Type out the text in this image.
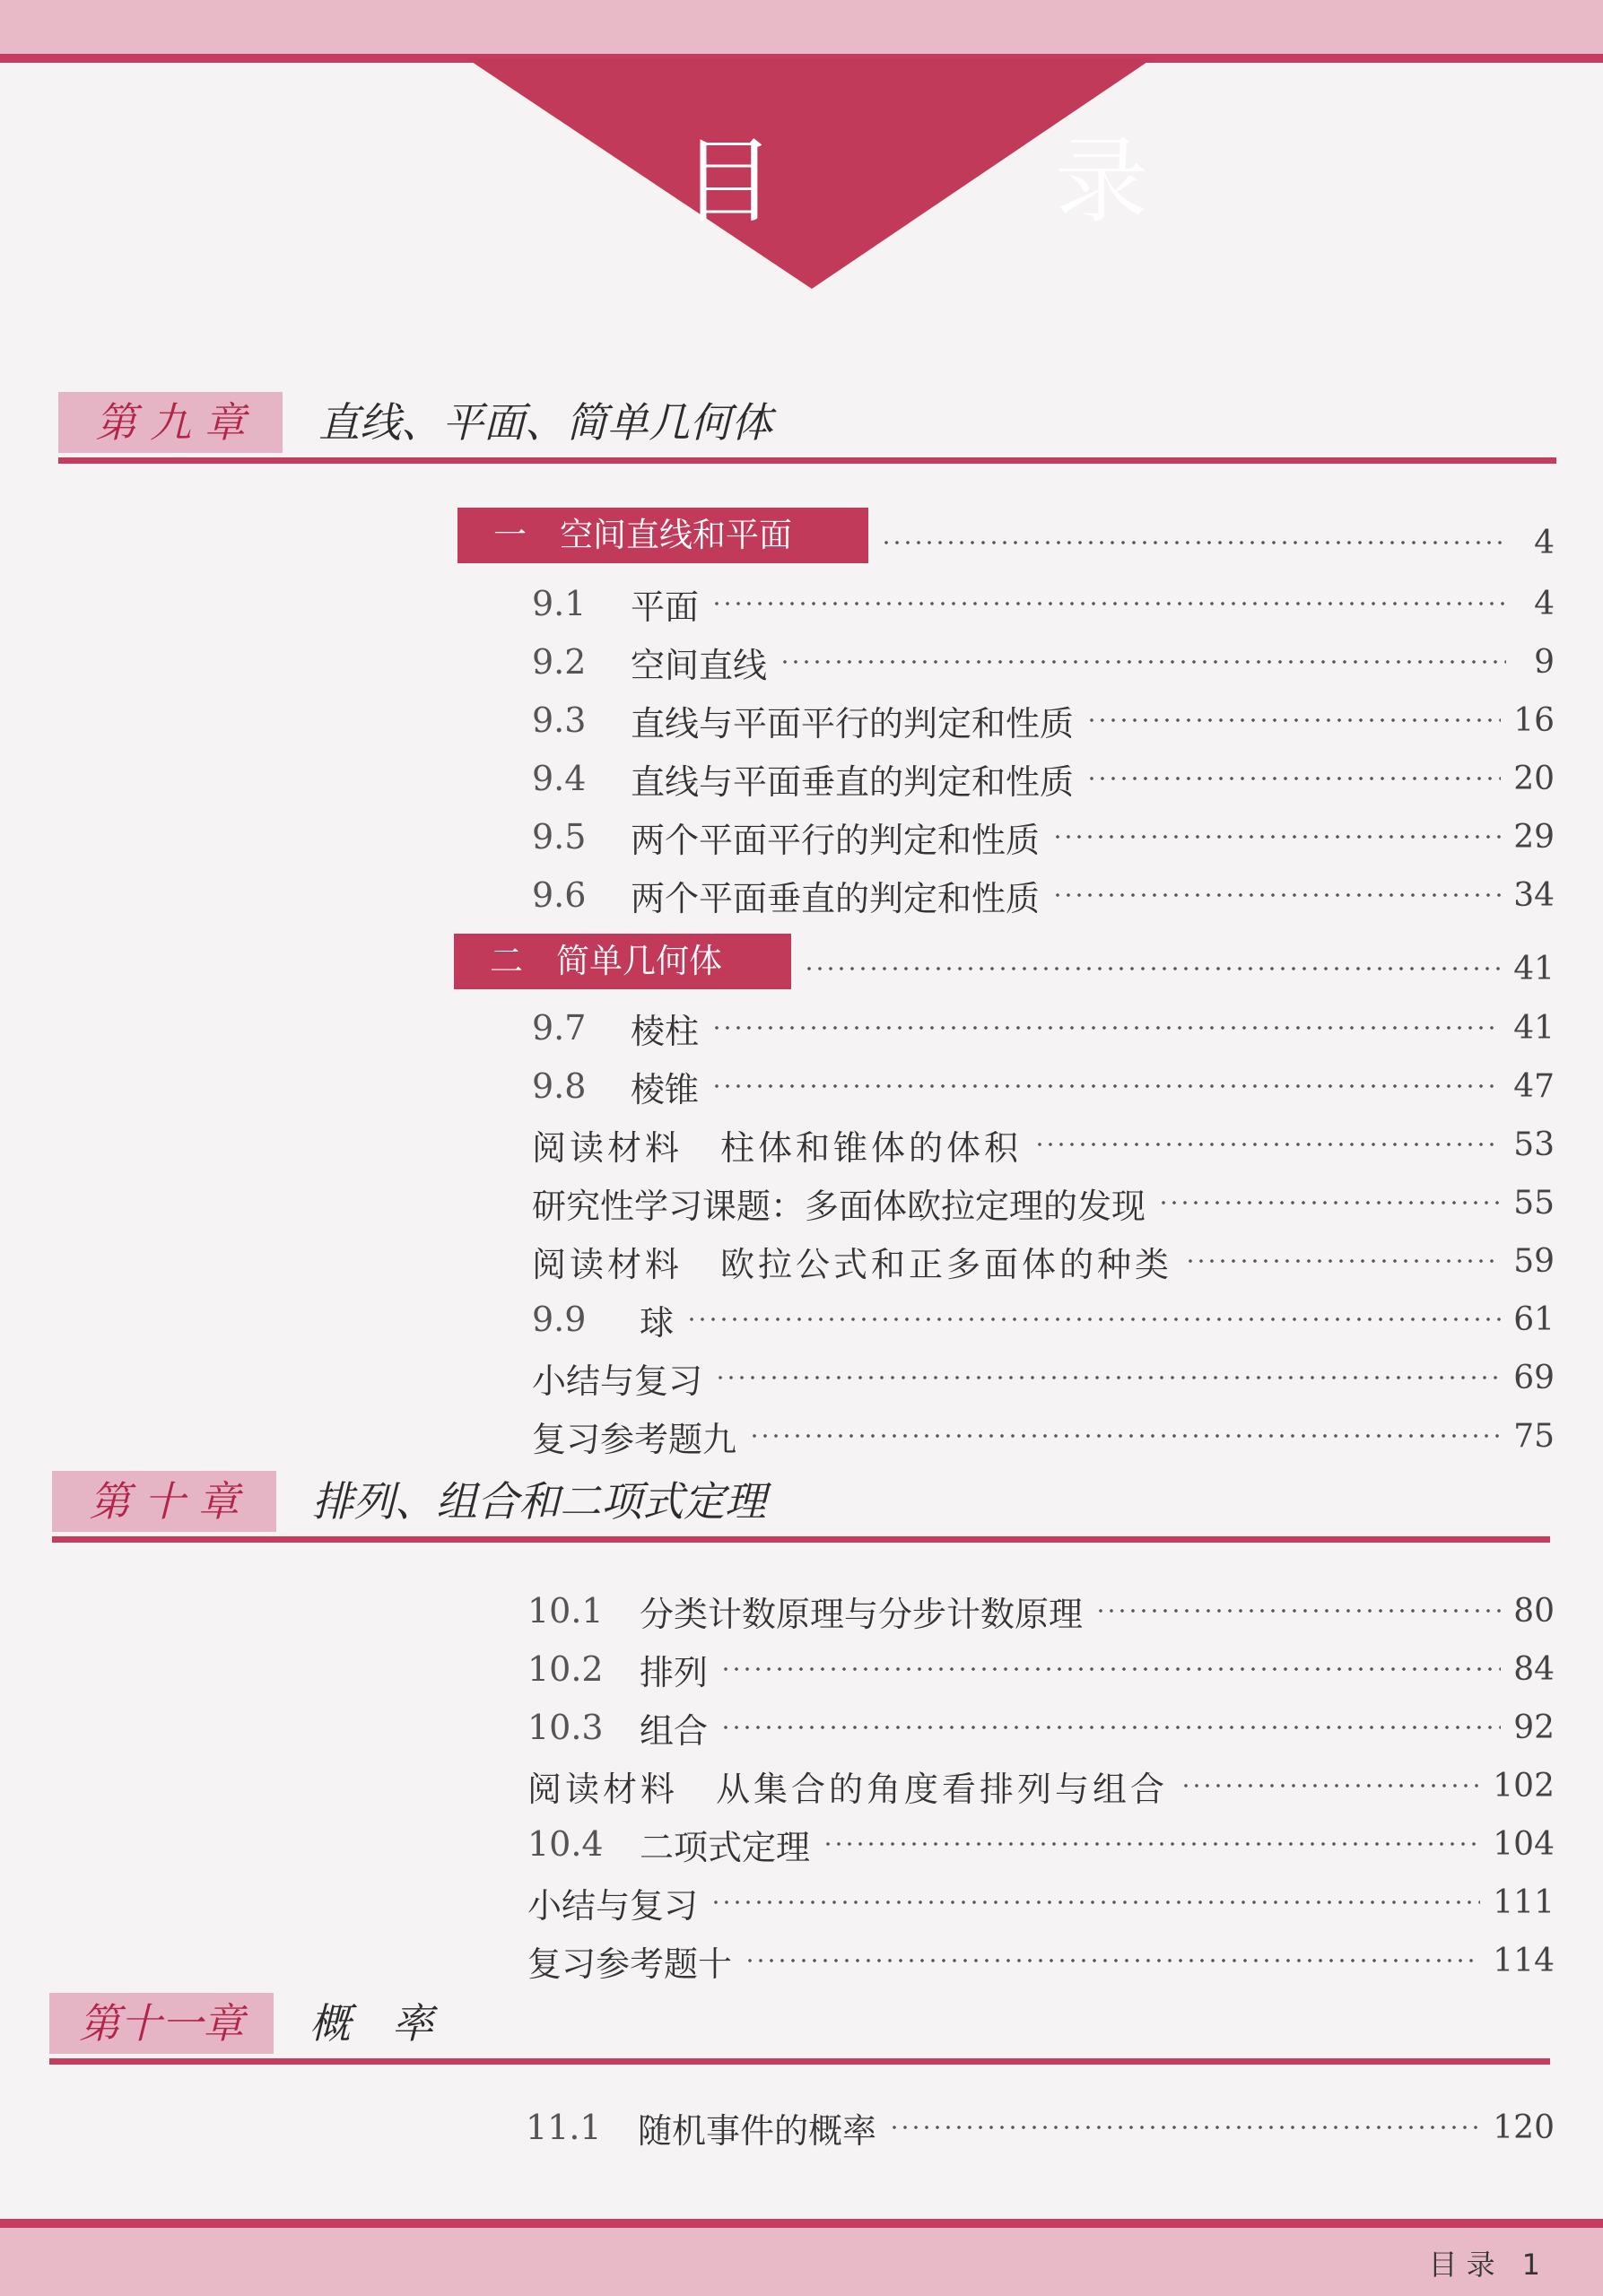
目　录
第 九 章	直线、平面、简单几何体
一　空间直线和平面	4
9.1	平面	4
9.2	空间直线	9
9.3	直线与平面平行的判定和性质	16
9.4	直线与平面垂直的判定和性质	20
9.5	两个平面平行的判定和性质	29
9.6	两个平面垂直的判定和性质	34
二　简单几何体	41
9.7	棱柱	41
9.8	棱锥	47
阅读材料　柱体和锥体的体积	53
研究性学习课题：多面体欧拉定理的发现	55
阅读材料　欧拉公式和正多面体的种类	59
9.9	球	61
小结与复习	69
复习参考题九	75
第 十 章	排列、组合和二项式定理
10.1	分类计数原理与分步计数原理	80
10.2	排列	84
10.3	组合	92
阅读材料　从集合的角度看排列与组合	102
10.4	二项式定理	104
小结与复习	111
复习参考题十	114
第十一章	概　率
11.1	随机事件的概率	120
目 录 1
